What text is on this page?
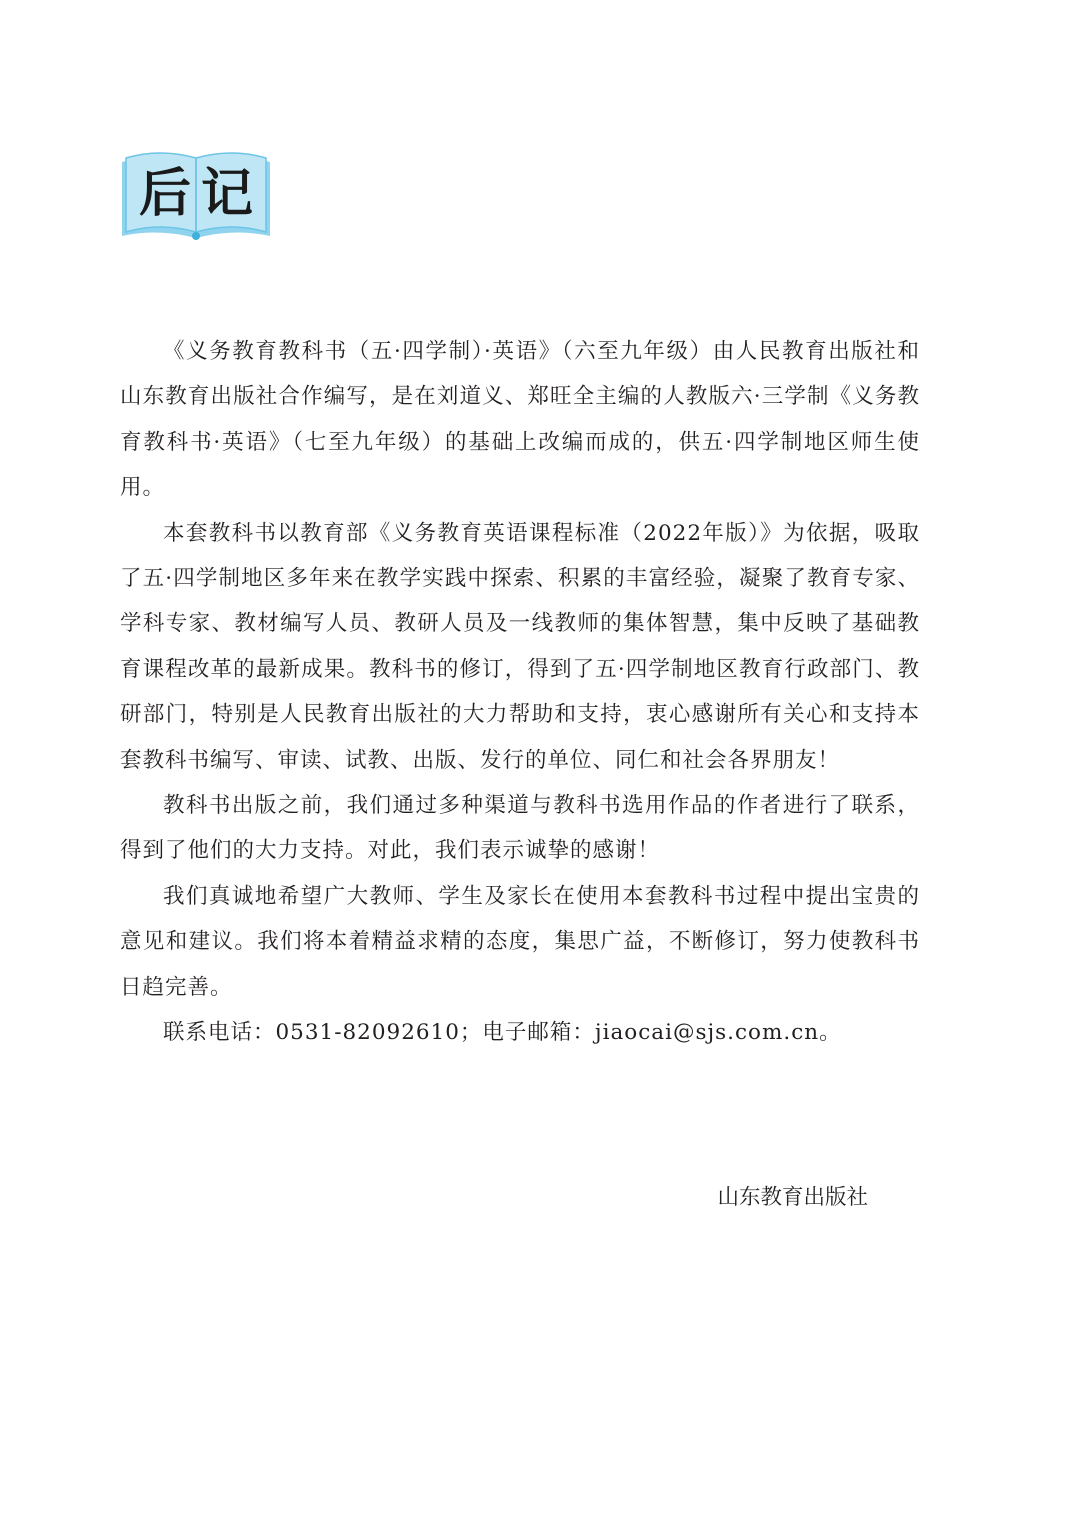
后记

《义务教育教科书（五·四学制）·英语》（六至九年级）由人民教育出版社和山东教育出版社合作编写，是在刘道义、郑旺全主编的人教版六·三学制《义务教育教科书·英语》（七至九年级）的基础上改编而成的，供五·四学制地区师生使用。

本套教科书以教育部《义务教育英语课程标准（2022年版）》为依据，吸取了五·四学制地区多年来在教学实践中探索、积累的丰富经验，凝聚了教育专家、学科专家、教材编写人员、教研人员及一线教师的集体智慧，集中反映了基础教育课程改革的最新成果。教科书的修订，得到了五·四学制地区教育行政部门、教研部门，特别是人民教育出版社的大力帮助和支持，衷心感谢所有关心和支持本套教科书编写、审读、试教、出版、发行的单位、同仁和社会各界朋友！

教科书出版之前，我们通过多种渠道与教科书选用作品的作者进行了联系，得到了他们的大力支持。对此，我们表示诚挚的感谢！

我们真诚地希望广大教师、学生及家长在使用本套教科书过程中提出宝贵的意见和建议。我们将本着精益求精的态度，集思广益，不断修订，努力使教科书日趋完善。

联系电话：0531-82092610；电子邮箱：jiaocai@sjs.com.cn。

山东教育出版社
